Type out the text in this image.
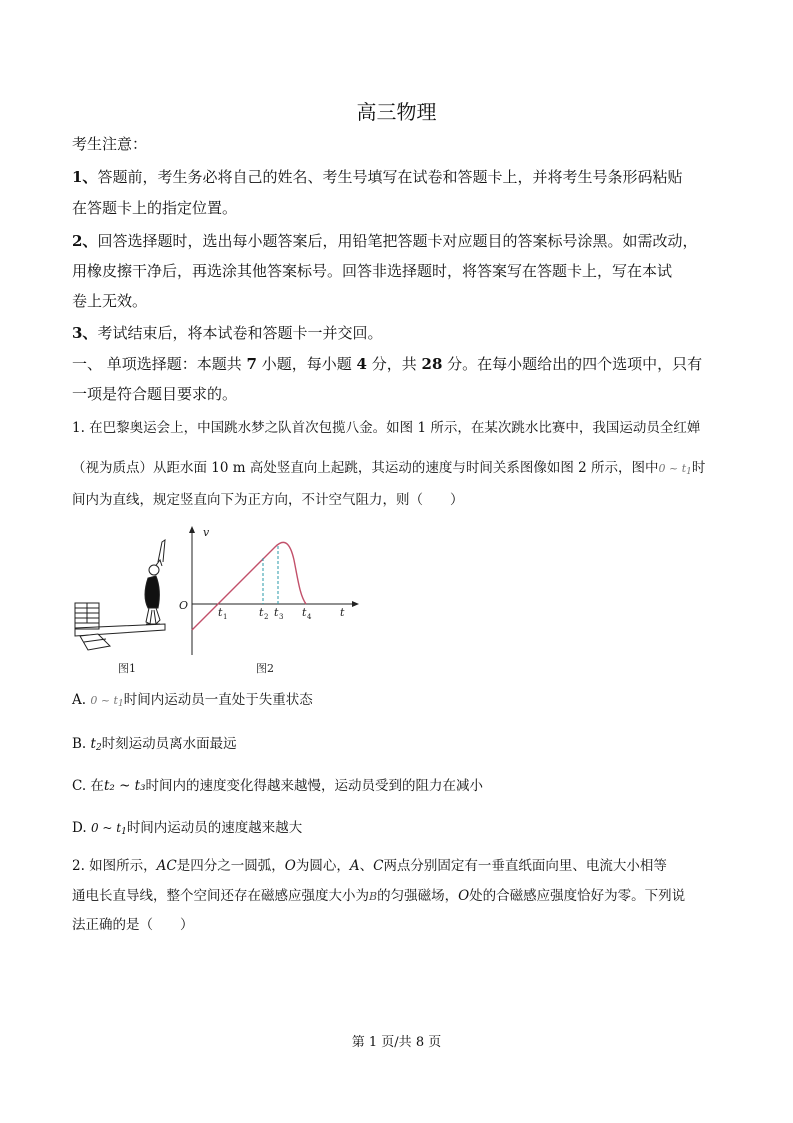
高三物理
考生注意：
1、答题前，考生务必将自己的姓名、考生号填写在试卷和答题卡上，并将考生号条形码粘贴
在答题卡上的指定位置。
2、回答选择题时，选出每小题答案后，用铅笔把答题卡对应题目的答案标号涂黑。如需改动，
用橡皮擦干净后，再选涂其他答案标号。回答非选择题时，将答案写在答题卡上，写在本试
卷上无效。
3、考试结束后，将本试卷和答题卡一并交回。
一、 单项选择题：本题共 7 小题，每小题 4 分，共 28 分。在每小题给出的四个选项中，只有
一项是符合题目要求的。
1. 在巴黎奥运会上，中国跳水梦之队首次包揽八金。如图 1 所示，在某次跳水比赛中，我国运动员全红婵
（视为质点）从距水面 10 m 高处竖直向上起跳，其运动的速度与时间关系图像如图 2 所示，图中0 ~ $t_1$时
间内为直线，规定竖直向下为正方向，不计空气阻力，则（　　）
图1
v
O
t
t 1	t 2 t 3 t 4
图2
A. 0 ~ $t_1$时间内运动员一直处于失重状态
B. $t_2$时刻运动员离水面最远
C. 在t₂ ~ t₃时间内的速度变化得越来越慢，运动员受到的阻力在减小
D. 0 ~ $t_1$时间内运动员的速度越来越大
2. 如图所示，AC是四分之一圆弧，O为圆心，A、C两点分别固定有一垂直纸面向里、电流大小相等
通电长直导线，整个空间还存在磁感应强度大小为B的匀强磁场，O处的合磁感应强度恰好为零。下列说
法正确的是（　　）
第 1 页/共 8 页
